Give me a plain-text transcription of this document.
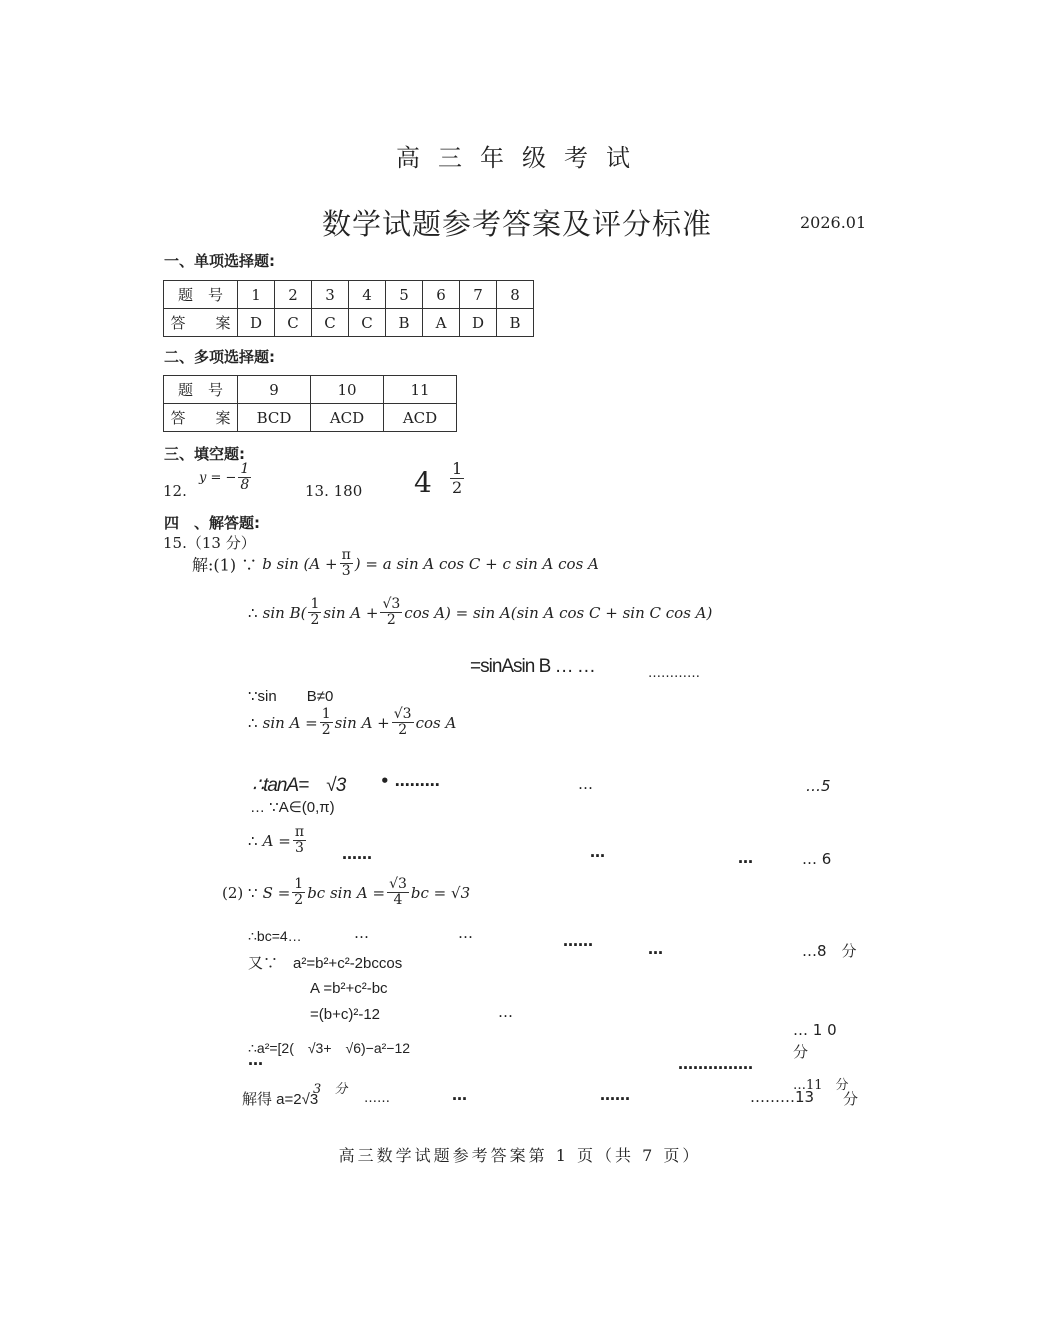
高三年级考试
数学试题参考答案及评分标准	2026.01
一、单项选择题:
题　号	1	2	3	4	5	6	7	8
答　　案	D	C	C	C	B	A	D	B
二、多项选择题:
题　号	9	10	11
答　　案	BCD	ACD	ACD
三、填空题:
12.
y = − $\frac{1}{8}$	13. 180 $4 \frac{1}{2}$
四　、解答题:
15.（13 分）
解:(1) ∵ b $\sin (A + \frac{\pi}{3}$ ) = a sin A cos C + c sin A cos A
∴ $\sin B( \frac{1}{2}$ $\sin A + \frac{√3}{2}$ cos A) = sin A(sin A cos C + sin C cos A)
=sinAsin B … …	…………
∵sin　　B≠0
∴ $\sin A = \frac{1}{2}$ $\sin A + \frac{√3}{2}$ cos A
∴tanA=　√3 • ………	…	…5
… ∵A∈(0,π)
∴ $A = \frac{\pi}{3}$ ……	…	…	… 6
(2) ∵ $S = \frac{1}{2}$ bc $\sin A = \frac{√3}{4}$ bc = √3
∴bc=4…	…	…	……	…	…8　分
又∵　a²=b²+c²-2bccos
A =b²+c²-bc
=(b+c)²-12	…
… 1 0
分
∴a²=[2(　√3+　√6)−a²−12
…	……………
…11　分
解得 a=2√3
3　分
……	…	……	………13 分
高三数学试题参考答案第 1 页（共 7 页）
